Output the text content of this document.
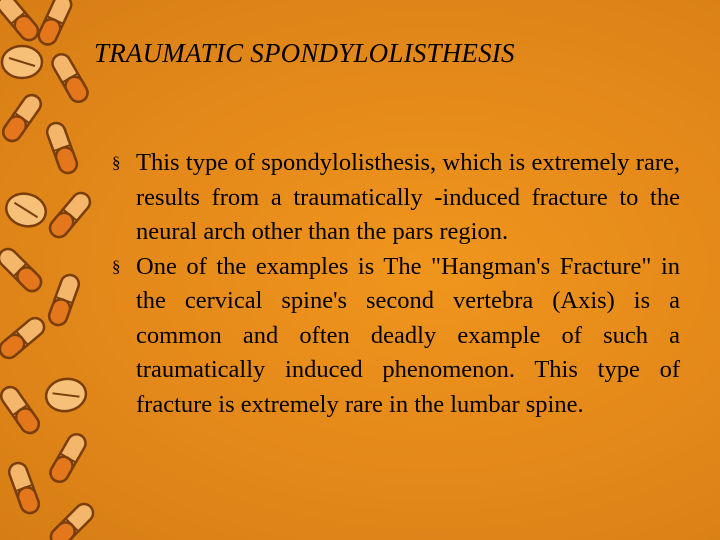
TRAUMATIC SPONDYLOLISTHESIS
§ This type of spondylolisthesis, which is extremely rare, results from a traumatically -induced fracture to the neural arch other than the pars region.
§ One of the examples is The "Hangman's Fracture" in the cervical spine's second vertebra (Axis) is a common and often deadly example of such a traumatically induced phenomenon. This type of fracture is extremely rare in the lumbar spine.
